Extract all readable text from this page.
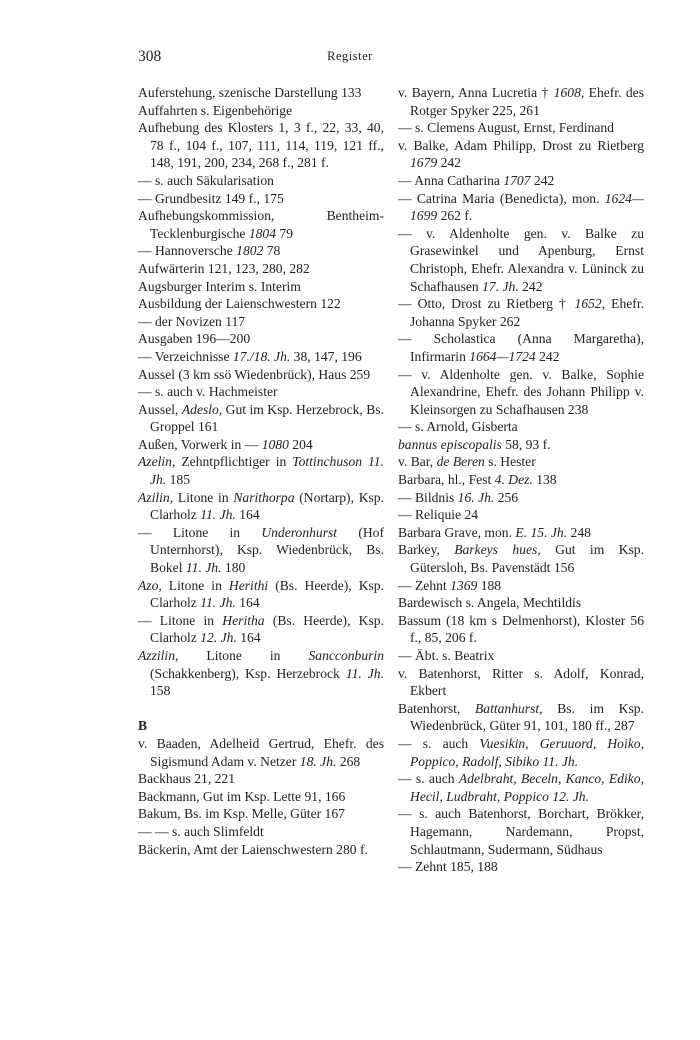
308	Register

Auferstehung, szenische Darstellung 133

Auffahrten s. Eigenbehörige

Aufhebung des Klosters 1, 3 f., 22, 33, 40, 78 f., 104 f., 107, 111, 114, 119, 121 ff., 148, 191, 200, 234, 268 f., 281 f.

— s. auch Säkularisation

— Grundbesitz 149 f., 175

Aufhebungskommission, Bentheim-Tecklenburgische 1804 79

— Hannoversche 1802 78

Aufwärterin 121, 123, 280, 282

Augsburger Interim s. Interim

Ausbildung der Laienschwestern 122

— der Novizen 117

Ausgaben 196—200

— Verzeichnisse 17./18. Jh. 38, 147, 196

Aussel (3 km ssö Wiedenbrück), Haus 259

— s. auch v. Hachmeister

Aussel, Adeslo, Gut im Ksp. Herzebrock, Bs. Groppel 161

Außen, Vorwerk in — 1080 204

Azelin, Zehntpflichtiger in Tottinchuson 11. Jh. 185

Azilin, Litone in Narithorpa (Nortarp), Ksp. Clarholz 11. Jh. 164

— Litone in Underonhurst (Hof Unternhorst), Ksp. Wiedenbrück, Bs. Bokel 11. Jh. 180

Azo, Litone in Herithi (Bs. Heerde), Ksp. Clarholz 11. Jh. 164

— Litone in Heritha (Bs. Heerde), Ksp. Clarholz 12. Jh. 164

Azzilin, Litone in Sancconburin (Schakkenberg), Ksp. Herzebrock 11. Jh. 158

B

v. Baaden, Adelheid Gertrud, Ehefr. des Sigismund Adam v. Netzer 18. Jh. 268

Backhaus 21, 221

Backmann, Gut im Ksp. Lette 91, 166

Bakum, Bs. im Ksp. Melle, Güter 167

— — s. auch Slimfeldt

Bäckerin, Amt der Laienschwestern 280 f.

v. Bayern, Anna Lucretia † 1608, Ehefr. des Rotger Spyker 225, 261

— s. Clemens August, Ernst, Ferdinand

v. Balke, Adam Philipp, Drost zu Rietberg 1679 242

— Anna Catharina 1707 242

— Catrina Maria (Benedicta), mon. 1624—1699 262 f.

— v. Aldenholte gen. v. Balke zu Grasewinkel und Apenburg, Ernst Christoph, Ehefr. Alexandra v. Lüninck zu Schafhausen 17. Jh. 242

— Otto, Drost zu Rietberg † 1652, Ehefr. Johanna Spyker 262

— Scholastica (Anna Margaretha), Infirmarin 1664—1724 242

— v. Aldenholte gen. v. Balke, Sophie Alexandrine, Ehefr. des Johann Philipp v. Kleinsorgen zu Schafhausen 238

— s. Arnold, Gisberta

bannus episcopalis 58, 93 f.

v. Bar, de Beren s. Hester

Barbara, hl., Fest 4. Dez. 138

— Bildnis 16. Jh. 256

— Reliquie 24

Barbara Grave, mon. E. 15. Jh. 248

Barkey, Barkeys hues, Gut im Ksp. Gütersloh, Bs. Pavenstädt 156

— Zehnt 1369 188

Bardewisch s. Angela, Mechtildis

Bassum (18 km s Delmenhorst), Kloster 56 f., 85, 206 f.

— Äbt. s. Beatrix

v. Batenhorst, Ritter s. Adolf, Konrad, Ekbert

Batenhorst, Battanhurst, Bs. im Ksp. Wiedenbrück, Güter 91, 101, 180 ff., 287

— s. auch Vuesikin, Geruuord, Hoiko, Poppico, Radolf, Sibiko 11. Jh.

— s. auch Adelbraht, Beceln, Kanco, Ediko, Hecil, Ludbraht, Poppico 12. Jh.

— s. auch Batenhorst, Borchart, Brökker, Hagemann, Nardemann, Propst, Schlautmann, Sudermann, Südhaus

— Zehnt 185, 188
